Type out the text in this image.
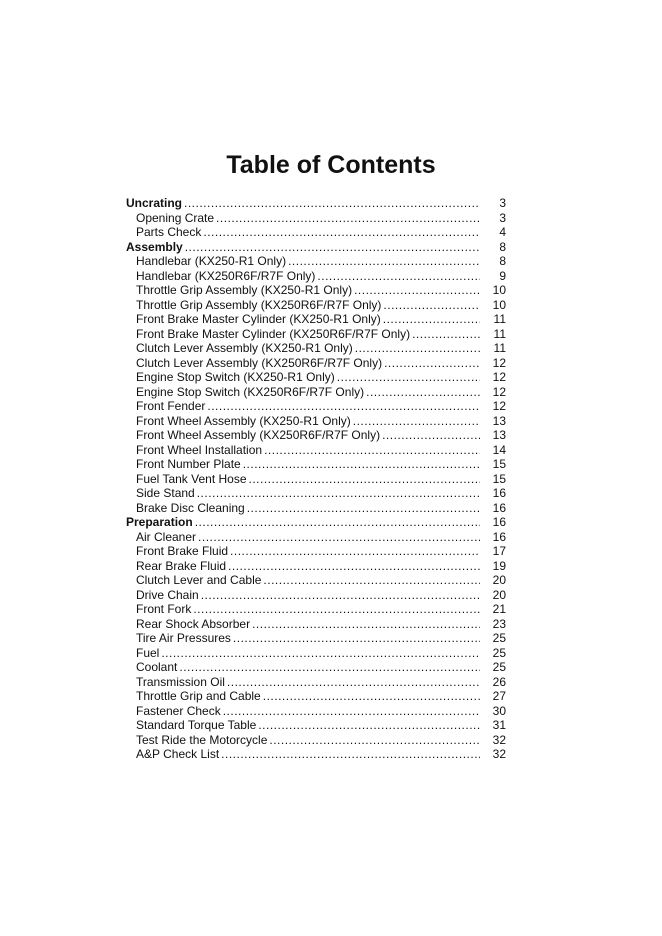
Table of Contents
Uncrating .....	3
Opening Crate .....	3
Parts Check .....	4
Assembly .....	8
Handlebar (KX250-R1 Only) .....	8
Handlebar (KX250R6F/R7F Only) .....	9
Throttle Grip Assembly (KX250-R1 Only) .....	10
Throttle Grip Assembly (KX250R6F/R7F Only) .....	10
Front Brake Master Cylinder (KX250-R1 Only) .....	11
Front Brake Master Cylinder (KX250R6F/R7F Only) .....	11
Clutch Lever Assembly (KX250-R1 Only) .....	11
Clutch Lever Assembly (KX250R6F/R7F Only) .....	12
Engine Stop Switch (KX250-R1 Only) .....	12
Engine Stop Switch (KX250R6F/R7F Only) .....	12
Front Fender .....	12
Front Wheel Assembly (KX250-R1 Only) .....	13
Front Wheel Assembly (KX250R6F/R7F Only) .....	13
Front Wheel Installation .....	14
Front Number Plate .....	15
Fuel Tank Vent Hose .....	15
Side Stand .....	16
Brake Disc Cleaning .....	16
Preparation .....	16
Air Cleaner .....	16
Front Brake Fluid .....	17
Rear Brake Fluid .....	19
Clutch Lever and Cable .....	20
Drive Chain .....	20
Front Fork .....	21
Rear Shock Absorber .....	23
Tire Air Pressures .....	25
Fuel .....	25
Coolant .....	25
Transmission Oil .....	26
Throttle Grip and Cable .....	27
Fastener Check .....	30
Standard Torque Table .....	31
Test Ride the Motorcycle .....	32
A&P Check List .....	32
